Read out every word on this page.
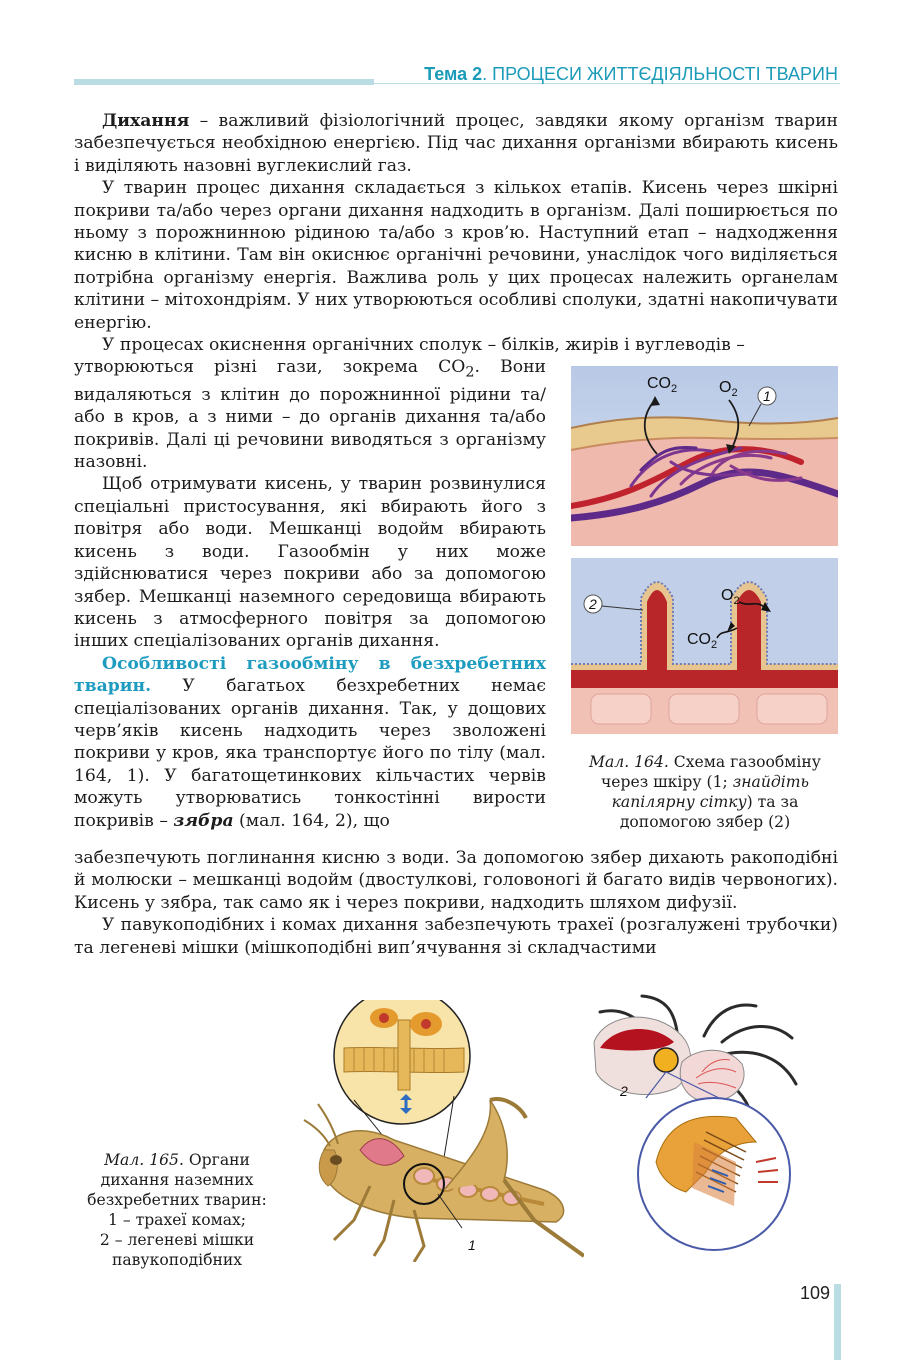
Тема 2. ПРОЦЕСИ ЖИТТЄДІЯЛЬНОСТІ ТВАРИН

Дихання – важливий фізіологічний процес, завдяки якому організм тварин забезпечується необхідною енергією. Під час дихання організми вбирають кисень і виділяють назовні вуглекислий газ.

У тварин процес дихання складається з кількох етапів. Кисень через шкірні покриви та/або через органи дихання надходить в організм. Далі поширюється по ньому з порожнинною рідиною та/або з кров’ю. Наступний етап – надходження кисню в клітини. Там він окиснює органічні речовини, унаслідок чого виділяється потрібна організму енергія. Важлива роль у цих процесах належить органелам клітини – мітохондріям. У них утворюються особливі сполуки, здатні накопичувати енергію.

У процесах окиснення органічних сполук – білків, жирів і вуглеводів –

утворюються різні гази, зокрема $CO_2$. Вони видаляються з клітин до порожнинної рідини та/або в кров, а з ними – до органів дихання та/або покривів. Далі ці речовини виводяться з організму назовні.

Щоб отримувати кисень, у тварин розвинулися спеціальні пристосування, які вбирають його з повітря або води. Мешканці водойм вбирають кисень з води. Газообмін у них може здійснюватися через покриви або за допомогою зябер. Мешканці наземного середовища вбирають кисень з атмосферного повітря за допомогою інших спеціалізованих органів дихання.

Особливості газообміну в безхребетних тварин. У багатьох безхребетних немає спеціалізованих органів дихання. Так, у дощових черв’яків кисень надходить через зволожені покриви у кров, яка транспортує його по тілу (мал. 164, 1). У багатощетинкових кільчастих червів можуть утворюватись тонкостінні вирости покривів – зябра (мал. 164, 2), що

забезпечують поглинання кисню з води. За допомогою зябер дихають ракоподібні й молюски – мешканці водойм (двостулкові, головоногі й багато видів червоногих). Кисень у зябра, так само як і через покриви, надходить шляхом дифузії.

У павукоподібних і комах дихання забезпечують трахеї (розгалужені трубочки) та легеневі мішки (мішкоподібні вип’ячування зі складчастими

$CO_2$	$O_2$ 1
$O_2$
$CO_2$
2
Мал. 164. Схема газообміну через шкіру (1; знайдіть капілярну сітку) та за допомогою зябер (2)
Мал. 165. Органи дихання наземних безхребетних тварин:
1 – трахеї комах;
2 – легеневі мішки павукоподібних
1
2
109
